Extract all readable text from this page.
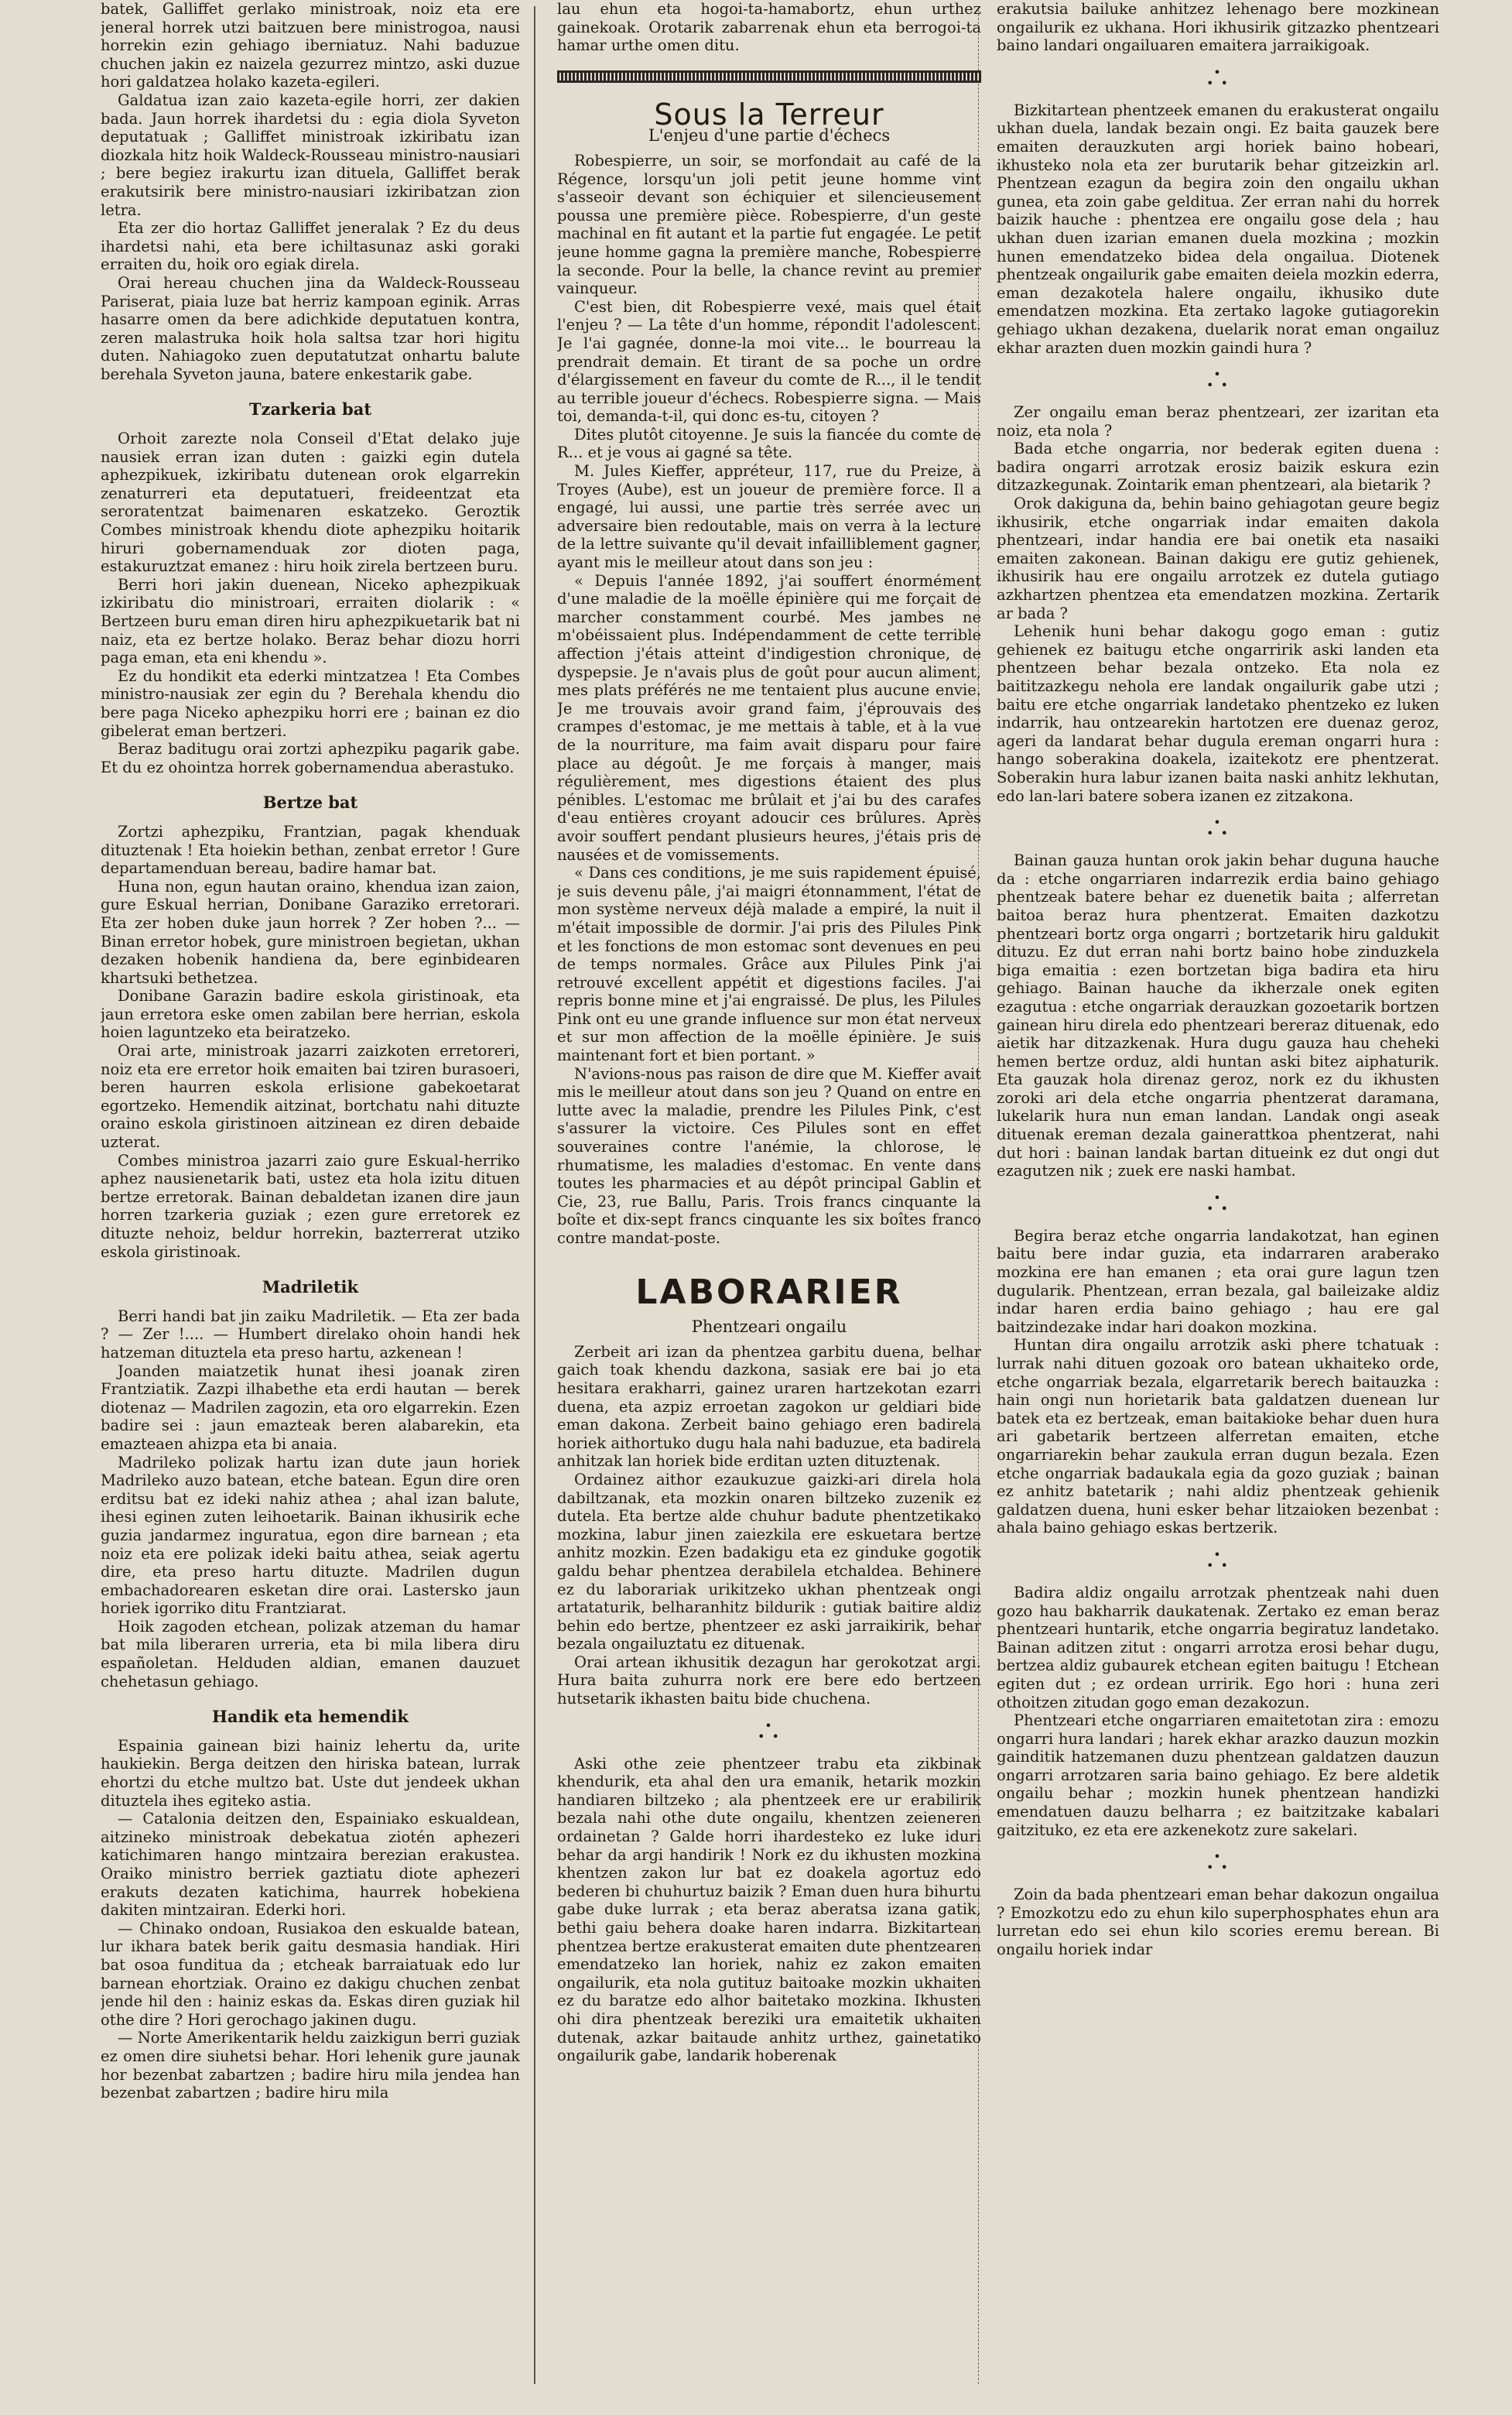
batek, Galliffet gerlako ministroak, noiz eta ere jeneral horrek utzi baitzuen bere ministrogoa, nausi horrekin ezin gehiago iberniatuz. Nahi baduzue chuchen jakin ez naizela gezurrez mintzo, aski duzue hori galdatzea holako kazeta-egileri.

Galdatua izan zaio kazeta-egile horri, zer dakien bada. Jaun horrek ihardetsi du : egia diola Syveton deputatuak ; Galliffet ministroak izkiribatu izan diozkala hitz hoik Waldeck-Rousseau ministro-nausiari ; bere begiez irakurtu izan dituela, Galliffet berak erakutsirik bere ministro-nausiari izkiribatzan zion letra.

Eta zer dio hortaz Galliffet jeneralak ? Ez du deus ihardetsi nahi, eta bere ichiltasunaz aski goraki erraiten du, hoik oro egiak direla.

Orai hereau chuchen jina da Waldeck-Rousseau Pariserat, piaia luze bat herriz kampoan eginik. Arras hasarre omen da bere adichkide deputatuen kontra, zeren malastruka hoik hola saltsa tzar hori higitu duten. Nahiagoko zuen deputatutzat onhartu balute berehala Syveton jauna, batere enkestarik gabe.

Tzarkeria bat

Orhoit zarezte nola Conseil d'Etat delako juje nausiek erran izan duten : gaizki egin dutela aphezpikuek, izkiribatu dutenean orok elgarrekin zenaturreri eta deputatueri, freideentzat eta seroratentzat baimenaren eskatzeko. Geroztik Combes ministroak khendu diote aphezpiku hoitarik hiruri gobernamenduak zor dioten paga, estakuruztzat emanez : hiru hoik zirela bertzeen buru.

Berri hori jakin duenean, Niceko aphezpikuak izkiribatu dio ministroari, erraiten diolarik : « Bertzeen buru eman diren hiru aphezpikuetarik bat ni naiz, eta ez bertze holako. Beraz behar diozu horri paga eman, eta eni khendu ».

Ez du hondikit eta ederki mintzatzea ! Eta Combes ministro-nausiak zer egin du ? Berehala khendu dio bere paga Niceko aphezpiku horri ere ; bainan ez dio gibelerat eman bertzeri.

Beraz baditugu orai zortzi aphezpiku pagarik gabe. Et du ez ohointza horrek gobernamendua aberastuko.

Bertze bat

Zortzi aphezpiku, Frantzian, pagak khenduak dituztenak ! Eta hoiekin bethan, zenbat erretor ! Gure departamenduan bereau, badire hamar bat.

Huna non, egun hautan oraino, khendua izan zaion, gure Eskual herrian, Donibane Garaziko erretorari. Eta zer hoben duke jaun horrek ? Zer hoben ?... — Binan erretor hobek, gure ministroen begietan, ukhan dezaken hobenik handiena da, bere eginbidearen khartsuki bethetzea.

Donibane Garazin badire eskola giristinoak, eta jaun erretora eske omen zabilan bere herrian, eskola hoien laguntzeko eta beiratzeko.

Orai arte, ministroak jazarri zaizkoten erretoreri, noiz eta ere erretor hoik emaiten bai tziren burasoeri, beren haurren eskola erlisione gabekoetarat egortzeko. Hemendik aitzinat, bortchatu nahi dituzte oraino eskola giristinoen aitzinean ez diren debaide uzterat.

Combes ministroa jazarri zaio gure Eskual-herriko aphez nausienetarik bati, ustez eta hola izitu dituen bertze erretorak. Bainan debaldetan izanen dire jaun horren tzarkeria guziak ; ezen gure erretorek ez dituzte nehoiz, beldur horrekin, bazterrerat utziko eskola giristinoak.

Madriletik

Berri handi bat jin zaiku Madriletik. — Eta zer bada ? — Zer !.... — Humbert direlako ohoin handi hek hatzeman dituztela eta preso hartu, azkenean !

Joanden maiatzetik hunat ihesi joanak ziren Frantziatik. Zazpi ilhabethe eta erdi hautan — berek diotenaz — Madrilen zagozin, eta oro elgarrekin. Ezen badire sei : jaun emazteak beren alabarekin, eta emazteaen ahizpa eta bi anaia.

Madrileko polizak hartu izan dute jaun horiek Madrileko auzo batean, etche batean. Egun dire oren erditsu bat ez ideki nahiz athea ; ahal izan balute, ihesi eginen zuten leihoetarik. Bainan ikhusirik eche guzia jandarmez inguratua, egon dire barnean ; eta noiz eta ere polizak ideki baitu athea, seiak agertu dire, eta preso hartu dituzte. Madrilen dugun embachadorearen esketan dire orai. Lastersko jaun horiek igorriko ditu Frantziarat.

Hoik zagoden etchean, polizak atzeman du hamar bat mila liberaren urreria, eta bi mila libera diru españoletan. Helduden aldian, emanen dauzuet chehetasun gehiago.

Handik eta hemendik

Espainia gainean bizi hainiz lehertu da, urite haukiekin. Berga deitzen den hiriska batean, lurrak ehortzi du etche multzo bat. Uste dut jendeek ukhan dituztela ihes egiteko astia.

— Catalonia deitzen den, Espainiako eskualdean, aitzineko ministroak debekatua ziotén aphezeri katichimaren hango mintzaira berezian erakustea. Oraiko ministro berriek gaztiatu diote aphezeri erakuts dezaten katichima, haurrek hobekiena dakiten mintzairan. Ederki hori.

— Chinako ondoan, Rusiakoa den eskualde batean, lur ikhara batek berik gaitu desmasia handiak. Hiri bat osoa funditua da ; etcheak barraiatuak edo lur barnean ehortziak. Oraino ez dakigu chuchen zenbat jende hil den : hainiz eskas da. Eskas diren guziak hil othe dire ? Hori gerochago jakinen dugu.

— Norte Amerikentarik heldu zaizkigun berri guziak ez omen dire siuhetsi behar. Hori lehenik gure jaunak hor bezenbat zabartzen ; badire hiru mila jendea han bezenbat zabartzen ; badire hiru mila

lau ehun eta hogoi-ta-hamabortz, ehun urthez gainekoak. Orotarik zabarrenak ehun eta berrogoi-ta hamar urthe omen ditu.

Sous la Terreur
L'enjeu d'une partie d'échecs

Robespierre, un soir, se morfondait au café de la Régence, lorsqu'un joli petit jeune homme vint s'asseoir devant son échiquier et silencieusement poussa une première pièce. Robespierre, d'un geste machinal en fit autant et la partie fut engagée. Le petit jeune homme gagna la première manche, Robespierre la seconde. Pour la belle, la chance revint au premier vainqueur.

C'est bien, dit Robespierre vexé, mais quel était l'enjeu ? — La tête d'un homme, répondit l'adolescent. Je l'ai gagnée, donne-la moi vite... le bourreau la prendrait demain. Et tirant de sa poche un ordre d'élargissement en faveur du comte de R..., il le tendit au terrible joueur d'échecs. Robespierre signa. — Mais toi, demanda-t-il, qui donc es-tu, citoyen ?

Dites plutôt citoyenne. Je suis la fiancée du comte de R... et je vous ai gagné sa tête.

M. Jules Kieffer, appréteur, 117, rue du Preize, à Troyes (Aube), est un joueur de première force. Il a engagé, lui aussi, une partie très serrée avec un adversaire bien redoutable, mais on verra à la lecture de la lettre suivante qu'il devait infailliblement gagner, ayant mis le meilleur atout dans son jeu :

« Depuis l'année 1892, j'ai souffert énormément d'une maladie de la moëlle épinière qui me forçait de marcher constamment courbé. Mes jambes ne m'obéissaient plus. Indépendamment de cette terrible affection j'étais atteint d'indigestion chronique, de dyspepsie. Je n'avais plus de goût pour aucun aliment, mes plats préférés ne me tentaient plus aucune envie. Je me trouvais avoir grand faim, j'éprouvais des crampes d'estomac, je me mettais à table, et à la vue de la nourriture, ma faim avait disparu pour faire place au dégoût. Je me forçais à manger, mais régulièrement, mes digestions étaient des plus pénibles. L'estomac me brûlait et j'ai bu des carafes d'eau entières croyant adoucir ces brûlures. Après avoir souffert pendant plusieurs heures, j'étais pris de nausées et de vomissements.

« Dans ces conditions, je me suis rapidement épuisé, je suis devenu pâle, j'ai maigri étonnamment, l'état de mon système nerveux déjà malade a empiré, la nuit il m'était impossible de dormir. J'ai pris des Pilules Pink et les fonctions de mon estomac sont devenues en peu de temps normales. Grâce aux Pilules Pink j'ai retrouvé excellent appétit et digestions faciles. J'ai repris bonne mine et j'ai engraissé. De plus, les Pilules Pink ont eu une grande influence sur mon état nerveux et sur mon affection de la moëlle épinière. Je suis maintenant fort et bien portant. »

N'avions-nous pas raison de dire que M. Kieffer avait mis le meilleur atout dans son jeu ? Quand on entre en lutte avec la maladie, prendre les Pilules Pink, c'est s'assurer la victoire. Ces Pilules sont en effet souveraines contre l'anémie, la chlorose, le rhumatisme, les maladies d'estomac. En vente dans toutes les pharmacies et au dépôt principal Gablin et Cie, 23, rue Ballu, Paris. Trois francs cinquante la boîte et dix-sept francs cinquante les six boîtes franco contre mandat-poste.

LABORARIER
Phentzeari ongailu

Zerbeit ari izan da phentzea garbitu duena, belhar gaich toak khendu dazkona, sasiak ere bai jo eta hesitara erakharri, gainez uraren hartzekotan ezarri duena, eta azpiz erroetan zagokon ur geldiari bide eman dakona. Zerbeit baino gehiago eren badirela horiek aithortuko dugu hala nahi baduzue, eta badirela anhitzak lan horiek bide erditan uzten dituztenak.

Ordainez aithor ezaukuzue gaizki-ari direla hola dabiltzanak, eta mozkin onaren biltzeko zuzenik ez dutela. Eta bertze alde chuhur badute phentzetikako mozkina, labur jinen zaiezkila ere eskuetara bertze anhitz mozkin. Ezen badakigu eta ez ginduke gogotik galdu behar phentzea derabilela etchaldea. Behinere ez du laborariak urikitzeko ukhan phentzeak ongi artataturik, belharanhitz bildurik : gutiak baitire aldiz behin edo bertze, phentzeer ez aski jarraikirik, behar bezala ongailuztatu ez dituenak.

Orai artean ikhusitik dezagun har gerokotzat argi. Hura baita zuhurra nork ere bere edo bertzeen hutsetarik ikhasten baitu bide chuchena.

•
• •

Aski othe zeie phentzeer trabu eta zikbinak khendurik, eta ahal den ura emanik, hetarik mozkin handiaren biltzeko ; ala phentzeek ere ur erabilirik bezala nahi othe dute ongailu, khentzen zeieneren ordainetan ? Galde horri ihardesteko ez luke iduri behar da argi handirik ! Nork ez du ikhusten mozkina khentzen zakon lur bat ez doakela agortuz edo bederen bi chuhurtuz baizik ? Eman duen hura bihurtu gabe duke lurrak ; eta beraz aberatsa izana gatik, bethi gaiu behera doake haren indarra. Bizkitartean phentzea bertze erakusterat emaiten dute phentzearen emendatzeko lan horiek, nahiz ez zakon emaiten ongailurik, eta nola gutituz baitoake mozkin ukhaiten ez du baratze edo alhor baitetako mozkina. Ikhusten ohi dira phentzeak bereziki ura emaitetik ukhaiten dutenak, azkar baitaude anhitz urthez, gainetatiko ongailurik gabe, landarik hoberenak

erakutsia bailuke anhitzez lehenago bere mozkinean ongailurik ez ukhana. Hori ikhusirik gitzazko phentzeari baino landari ongailuaren emaitera jarraikigoak.

•
• •

Bizkitartean phentzeek emanen du erakusterat ongailu ukhan duela, landak bezain ongi. Ez baita gauzek bere emaiten derauzkuten argi horiek baino hobeari, ikhusteko nola eta zer burutarik behar gitzeizkin arl. Phentzean ezagun da begira zoin den ongailu ukhan gunea, eta zoin gabe gelditua. Zer erran nahi du horrek baizik hauche : phentzea ere ongailu gose dela ; hau ukhan duen izarian emanen duela mozkina ; mozkin hunen emendatzeko bidea dela ongailua. Diotenek phentzeak ongailurik gabe emaiten deiela mozkin ederra, eman dezakotela halere ongailu, ikhusiko dute emendatzen mozkina. Eta zertako lagoke gutiagorekin gehiago ukhan dezakena, duelarik norat eman ongailuz ekhar arazten duen mozkin gaindi hura ?

•
• •

Zer ongailu eman beraz phentzeari, zer izaritan eta noiz, eta nola ?

Bada etche ongarria, nor bederak egiten duena : badira ongarri arrotzak erosiz baizik eskura ezin ditzazkegunak. Zointarik eman phentzeari, ala bietarik ?

Orok dakiguna da, behin baino gehiagotan geure begiz ikhusirik, etche ongarriak indar emaiten dakola phentzeari, indar handia ere bai onetik eta nasaiki emaiten zakonean. Bainan dakigu ere gutiz gehienek, ikhusirik hau ere ongailu arrotzek ez dutela gutiago azkhartzen phentzea eta emendatzen mozkina. Zertarik ar bada ?

Lehenik huni behar dakogu gogo eman : gutiz gehienek ez baitugu etche ongarririk aski landen eta phentzeen behar bezala ontzeko. Eta nola ez baititzazkegu nehola ere landak ongailurik gabe utzi ; baitu ere etche ongarriak landetako phentzeko ez luken indarrik, hau ontzearekin hartotzen ere duenaz geroz, ageri da landarat behar dugula ereman ongarri hura : hango soberakina doakela, izaitekotz ere phentzerat. Soberakin hura labur izanen baita naski anhitz lekhutan, edo lan-lari batere sobera izanen ez zitzakona.

•
• •

Bainan gauza huntan orok jakin behar duguna hauche da : etche ongarriaren indarrezik erdia baino gehiago phentzeak batere behar ez duenetik baita ; alferretan baitoa beraz hura phentzerat. Emaiten dazkotzu phentzeari bortz orga ongarri ; bortzetarik hiru galdukit dituzu. Ez dut erran nahi bortz baino hobe zinduzkela biga emaitia : ezen bortzetan biga badira eta hiru gehiago. Bainan hauche da ikherzale onek egiten ezagutua : etche ongarriak derauzkan gozoetarik bortzen gainean hiru direla edo phentzeari bereraz dituenak, edo aietik har ditzazkenak. Hura dugu gauza hau cheheki hemen bertze orduz, aldi huntan aski bitez aiphaturik. Eta gauzak hola direnaz geroz, nork ez du ikhusten zoroki ari dela etche ongarria phentzerat daramana, lukelarik hura nun eman landan. Landak ongi aseak dituenak ereman dezala gainerattkoa phentzerat, nahi dut hori : bainan landak bartan ditueink ez dut ongi dut ezagutzen nik ; zuek ere naski hambat.

•
• •

Begira beraz etche ongarria landakotzat, han eginen baitu bere indar guzia, eta indarraren araberako mozkina ere han emanen ; eta orai gure lagun tzen dugularik. Phentzean, erran bezala, gal baileizake aldiz indar haren erdia baino gehiago ; hau ere gal baitzindezake indar hari doakon mozkina.

Huntan dira ongailu arrotzik aski phere tchatuak : lurrak nahi dituen gozoak oro batean ukhaiteko orde, etche ongarriak bezala, elgarretarik berech baitauzka : hain ongi nun horietarik bata galdatzen duenean lur batek eta ez bertzeak, eman baitakioke behar duen hura ari gabetarik bertzeen alferretan emaiten, etche ongarriarekin behar zaukula erran dugun bezala. Ezen etche ongarriak badaukala egia da gozo guziak ; bainan ez anhitz batetarik ; nahi aldiz phentzeak gehienik galdatzen duena, huni esker behar litzaioken bezenbat : ahala baino gehiago eskas bertzerik.

•
• •

Badira aldiz ongailu arrotzak phentzeak nahi duen gozo hau bakharrik daukatenak. Zertako ez eman beraz phentzeari huntarik, etche ongarria begiratuz landetako. Bainan aditzen zitut : ongarri arrotza erosi behar dugu, bertzea aldiz gubaurek etchean egiten baitugu ! Etchean egiten dut ; ez ordean urririk. Ego hori : huna zeri othoitzen zitudan gogo eman dezakozun.

Phentzeari etche ongarriaren emaitetotan zira : emozu ongarri hura landari ; harek ekhar arazko dauzun mozkin gainditik hatzemanen duzu phentzean galdatzen dauzun ongarri arrotzaren saria baino gehiago. Ez bere aldetik ongailu behar ; mozkin hunek phentzean handizki emendatuen dauzu belharra ; ez baitzitzake kabalari gaitzituko, ez eta ere azkenekotz zure sakelari.

•
• •

Zoin da bada phentzeari eman behar dakozun ongailua ? Emozkotzu edo zu ehun kilo superphosphates ehun ara lurretan edo sei ehun kilo scories eremu berean. Bi ongailu horiek indar
